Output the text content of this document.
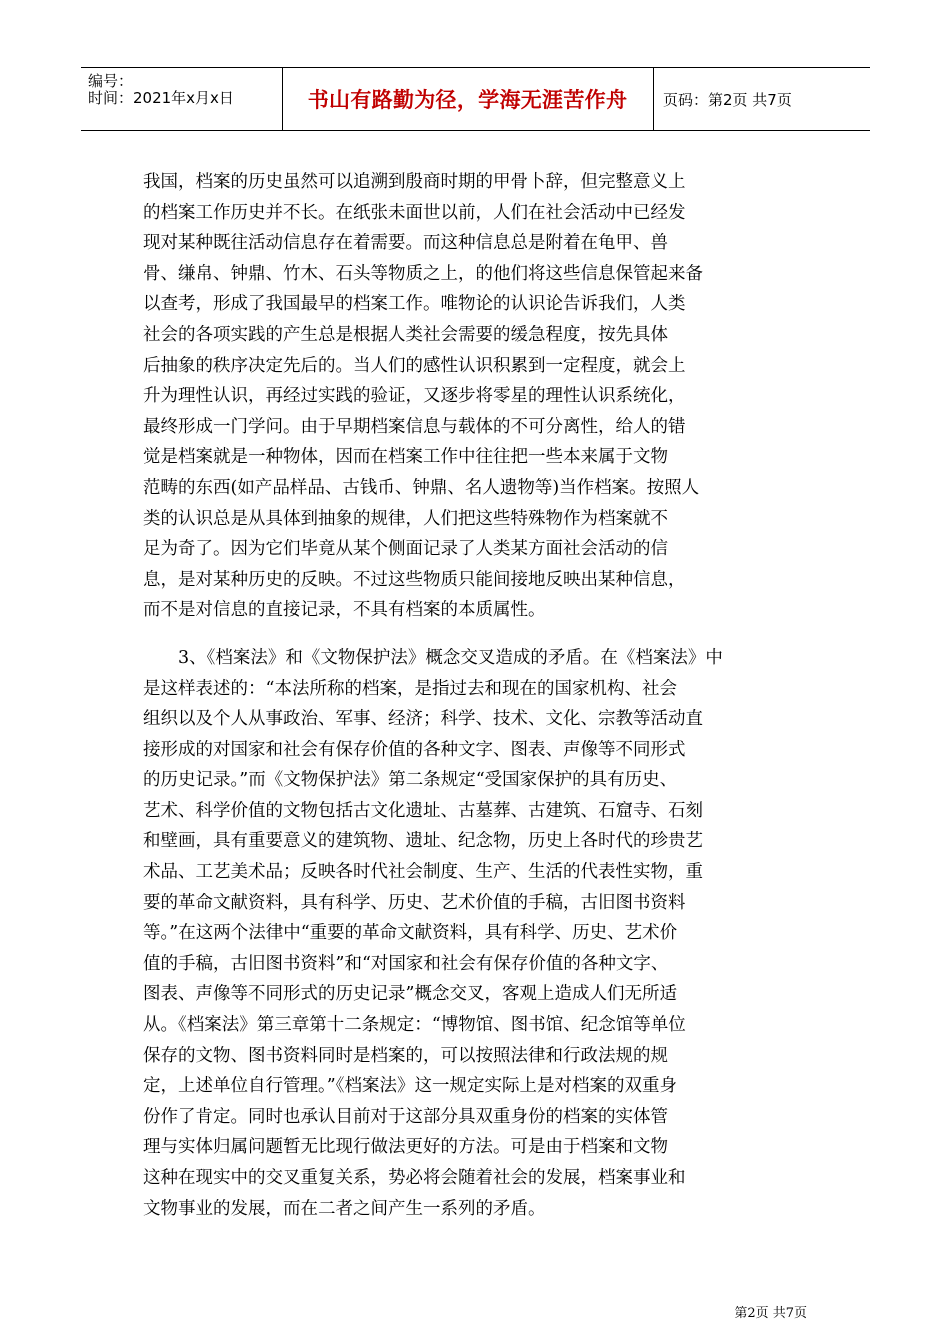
编号：
时间：2021年x月x日	书山有路勤为径，学海无涯苦作舟 页码：第2页 共7页
我国，档案的历史虽然可以追溯到殷商时期的甲骨卜辞，但完整意义上
的档案工作历史并不长。在纸张未面世以前，人们在社会活动中已经发
现对某种既往活动信息存在着需要。而这种信息总是附着在龟甲、兽
骨、缣帛、钟鼎、竹木、石头等物质之上，的他们将这些信息保管起来备
以查考，形成了我国最早的档案工作。唯物论的认识论告诉我们，人类
社会的各项实践的产生总是根据人类社会需要的缓急程度，按先具体
后抽象的秩序决定先后的。当人们的感性认识积累到一定程度，就会上
升为理性认识，再经过实践的验证，又逐步将零星的理性认识系统化，
最终形成一门学问。由于早期档案信息与载体的不可分离性，给人的错
觉是档案就是一种物体，因而在档案工作中往往把一些本来属于文物
范畴的东西(如产品样品、古钱币、钟鼎、名人遗物等)当作档案。按照人
类的认识总是从具体到抽象的规律，人们把这些特殊物作为档案就不
足为奇了。因为它们毕竟从某个侧面记录了人类某方面社会活动的信
息，是对某种历史的反映。不过这些物质只能间接地反映出某种信息，
而不是对信息的直接记录，不具有档案的本质属性。
　　3、《档案法》和《文物保护法》概念交叉造成的矛盾。在《档案法》中
是这样表述的：“本法所称的档案，是指过去和现在的国家机构、社会
组织以及个人从事政治、军事、经济；科学、技术、文化、宗教等活动直
接形成的对国家和社会有保存价值的各种文字、图表、声像等不同形式
的历史记录。”而《文物保护法》第二条规定“受国家保护的具有历史、
艺术、科学价值的文物包括古文化遗址、古墓葬、古建筑、石窟寺、石刻
和壁画，具有重要意义的建筑物、遗址、纪念物，历史上各时代的珍贵艺
术品、工艺美术品；反映各时代社会制度、生产、生活的代表性实物，重
要的革命文献资料，具有科学、历史、艺术价值的手稿，古旧图书资料
等。”在这两个法律中“重要的革命文献资料，具有科学、历史、艺术价
值的手稿，古旧图书资料”和“对国家和社会有保存价值的各种文字、
图表、声像等不同形式的历史记录”概念交叉，客观上造成人们无所适
从。《档案法》第三章第十二条规定：“博物馆、图书馆、纪念馆等单位
保存的文物、图书资料同时是档案的，可以按照法律和行政法规的规
定，上述单位自行管理。”《档案法》这一规定实际上是对档案的双重身
份作了肯定。同时也承认目前对于这部分具双重身份的档案的实体管
理与实体归属问题暂无比现行做法更好的方法。可是由于档案和文物
这种在现实中的交叉重复关系，势必将会随着社会的发展，档案事业和
文物事业的发展，而在二者之间产生一系列的矛盾。
第2页 共7页
